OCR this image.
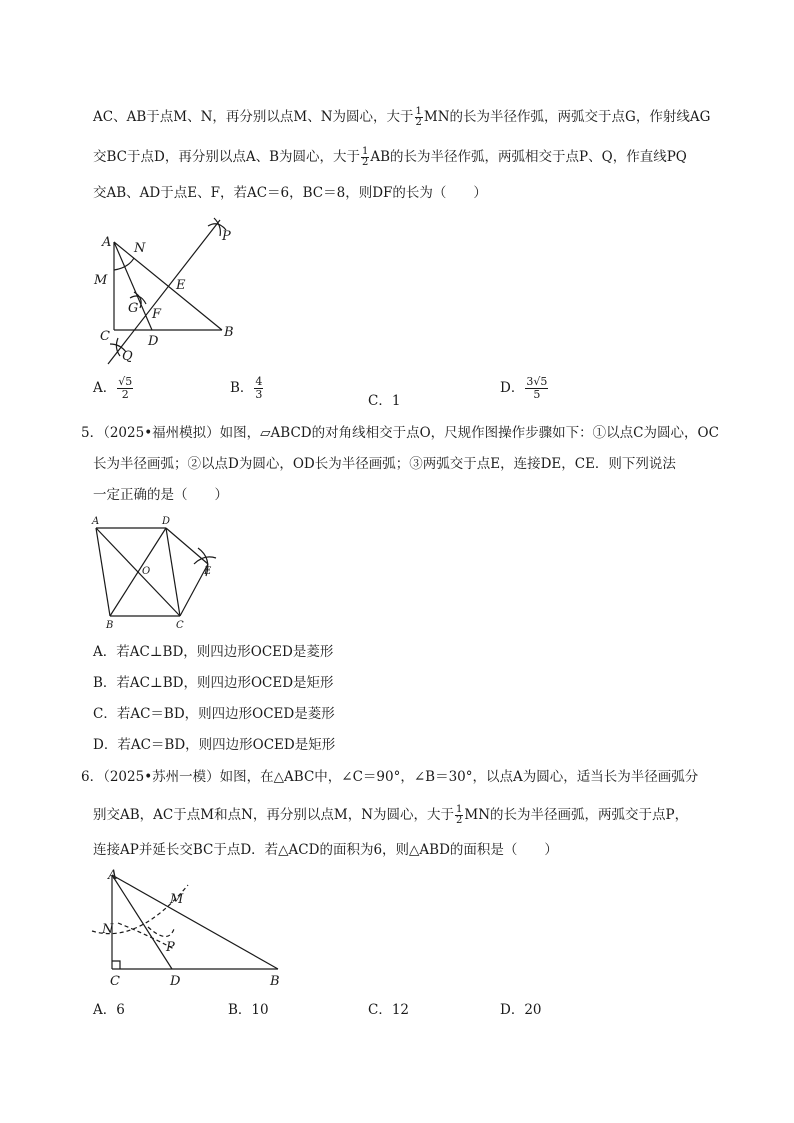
AC、AB于点M、N，再分别以点M、N为圆心，大于 $\frac{1}{2}$ MN的长为半径作弧，两弧交于点G，作射线AG
交BC于点D，再分别以点A、B为圆心，大于 $\frac{1}{2}$ AB的长为半径作弧，两弧相交于点P、Q，作直线PQ
交AB、AD于点E、F，若AC＝6，BC＝8，则DF的长为（　　）
A N
M	E
G F
C	D
B
P
Q
A． $\frac{√5}{2}$	B． $\frac{4}{3}$	C．1
D． $\frac{3√5}{5}$
5．（2025•福州模拟）如图，▱ABCD的对角线相交于点O，尺规作图操作步骤如下：①以点C为圆心，OC
长为半径画弧；②以点D为圆心，OD长为半径画弧；③两弧交于点E，连接DE，CE．则下列说法
一定正确的是（　　）
A	D
O	E
B	C
A．若AC⊥BD，则四边形OCED是菱形
B．若AC⊥BD，则四边形OCED是矩形
C．若AC＝BD，则四边形OCED是菱形
D．若AC＝BD，则四边形OCED是矩形
6．（2025•苏州一模）如图，在△ABC中，∠C＝90°，∠B＝30°，以点A为圆心，适当长为半径画弧分
别交AB，AC于点M和点N，再分别以点M，N为圆心，大于 $\frac{1}{2}$ MN的长为半径画弧，两弧交于点P，
连接AP并延长交BC于点D．若△ACD的面积为6，则△ABD的面积是（　　）
A
M
N
P
C	D	B
A．6	B．10	C．12	D．20
